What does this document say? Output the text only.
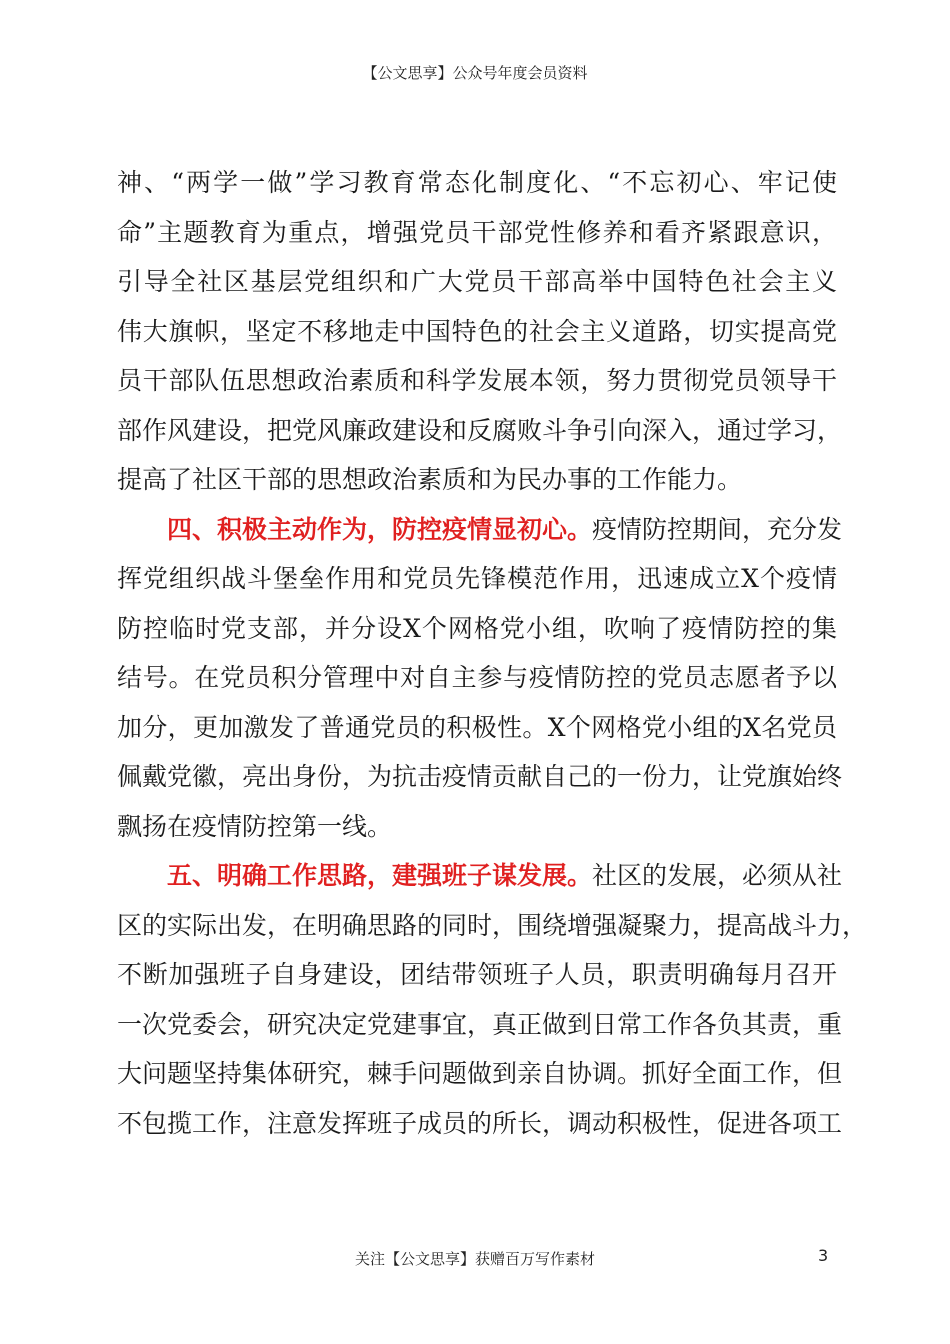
【公文思享】公众号年度会员资料
神、“两学一做”学习教育常态化制度化、“不忘初心、牢记使
命”主题教育为重点，增强党员干部党性修养和看齐紧跟意识，
引导全社区基层党组织和广大党员干部高举中国特色社会主义
伟大旗帜，坚定不移地走中国特色的社会主义道路，切实提高党
员干部队伍思想政治素质和科学发展本领，努力贯彻党员领导干
部作风建设，把党风廉政建设和反腐败斗争引向深入，通过学习，
提高了社区干部的思想政治素质和为民办事的工作能力。
四、积极主动作为，防控疫情显初心。疫情防控期间，充分发
挥党组织战斗堡垒作用和党员先锋模范作用，迅速成立X个疫情
防控临时党支部，并分设X个网格党小组，吹响了疫情防控的集
结号。在党员积分管理中对自主参与疫情防控的党员志愿者予以
加分，更加激发了普通党员的积极性。X个网格党小组的X名党员
佩戴党徽，亮出身份，为抗击疫情贡献自己的一份力，让党旗始终
飘扬在疫情防控第一线。
五、明确工作思路，建强班子谋发展。社区的发展，必须从社
区的实际出发，在明确思路的同时，围绕增强凝聚力，提高战斗力，
不断加强班子自身建设，团结带领班子人员，职责明确每月召开
一次党委会，研究决定党建事宜，真正做到日常工作各负其责，重
大问题坚持集体研究，棘手问题做到亲自协调。抓好全面工作，但
不包揽工作，注意发挥班子成员的所长，调动积极性，促进各项工
关注【公文思享】获赠百万写作素材	3
